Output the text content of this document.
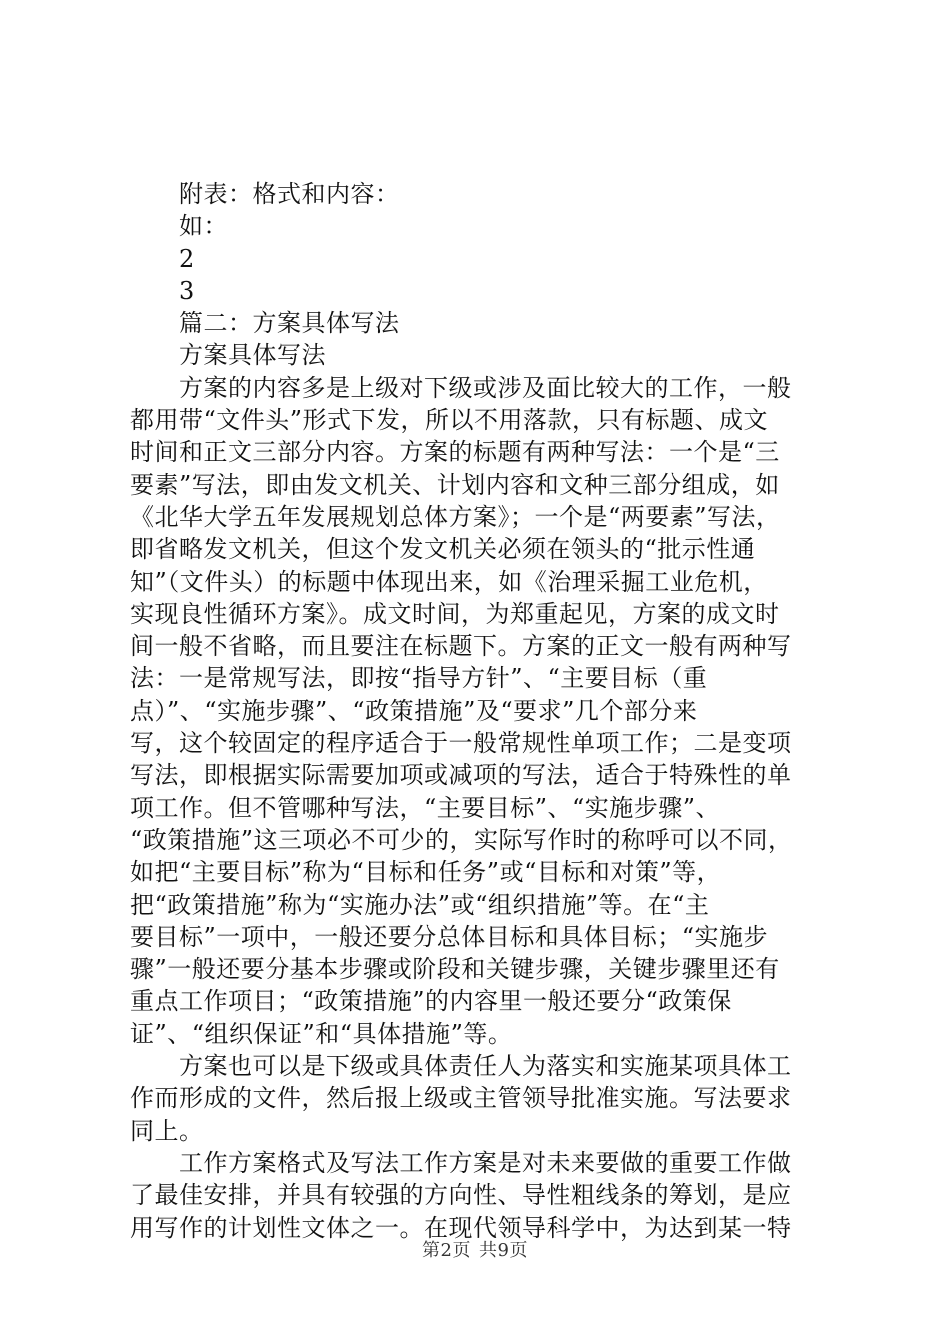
附表：格式和内容：
如：
2
3
篇二：方案具体写法
方案具体写法
方案的内容多是上级对下级或涉及面比较大的工作，一般
都用带“文件头”形式下发，所以不用落款，只有标题、成文
时间和正文三部分内容。方案的标题有两种写法：一个是“三
要素”写法，即由发文机关、计划内容和文种三部分组成，如
《北华大学五年发展规划总体方案》；一个是“两要素”写法，
即省略发文机关，但这个发文机关必须在领头的“批示性通
知”（文件头）的标题中体现出来，如《治理采掘工业危机，
实现良性循环方案》。成文时间，为郑重起见，方案的成文时
间一般不省略，而且要注在标题下。方案的正文一般有两种写
法：一是常规写法，即按“指导方针”、“主要目标（重
点）”、“实施步骤”、“政策措施”及“要求”几个部分来
写，这个较固定的程序适合于一般常规性单项工作；二是变项
写法，即根据实际需要加项或减项的写法，适合于特殊性的单
项工作。但不管哪种写法，“主要目标”、“实施步骤”、
“政策措施”这三项必不可少的，实际写作时的称呼可以不同，
如把“主要目标”称为“目标和任务”或“目标和对策”等，
把“政策措施”称为“实施办法”或“组织措施”等。在“主
要目标”一项中，一般还要分总体目标和具体目标；“实施步
骤”一般还要分基本步骤或阶段和关键步骤，关键步骤里还有
重点工作项目；“政策措施”的内容里一般还要分“政策保
证”、“组织保证”和“具体措施”等。
方案也可以是下级或具体责任人为落实和实施某项具体工
作而形成的文件，然后报上级或主管领导批准实施。写法要求
同上。
工作方案格式及写法工作方案是对未来要做的重要工作做
了最佳安排，并具有较强的方向性、导性粗线条的筹划，是应
用写作的计划性文体之一。在现代领导科学中，为达到某一特
第2页 共9页
